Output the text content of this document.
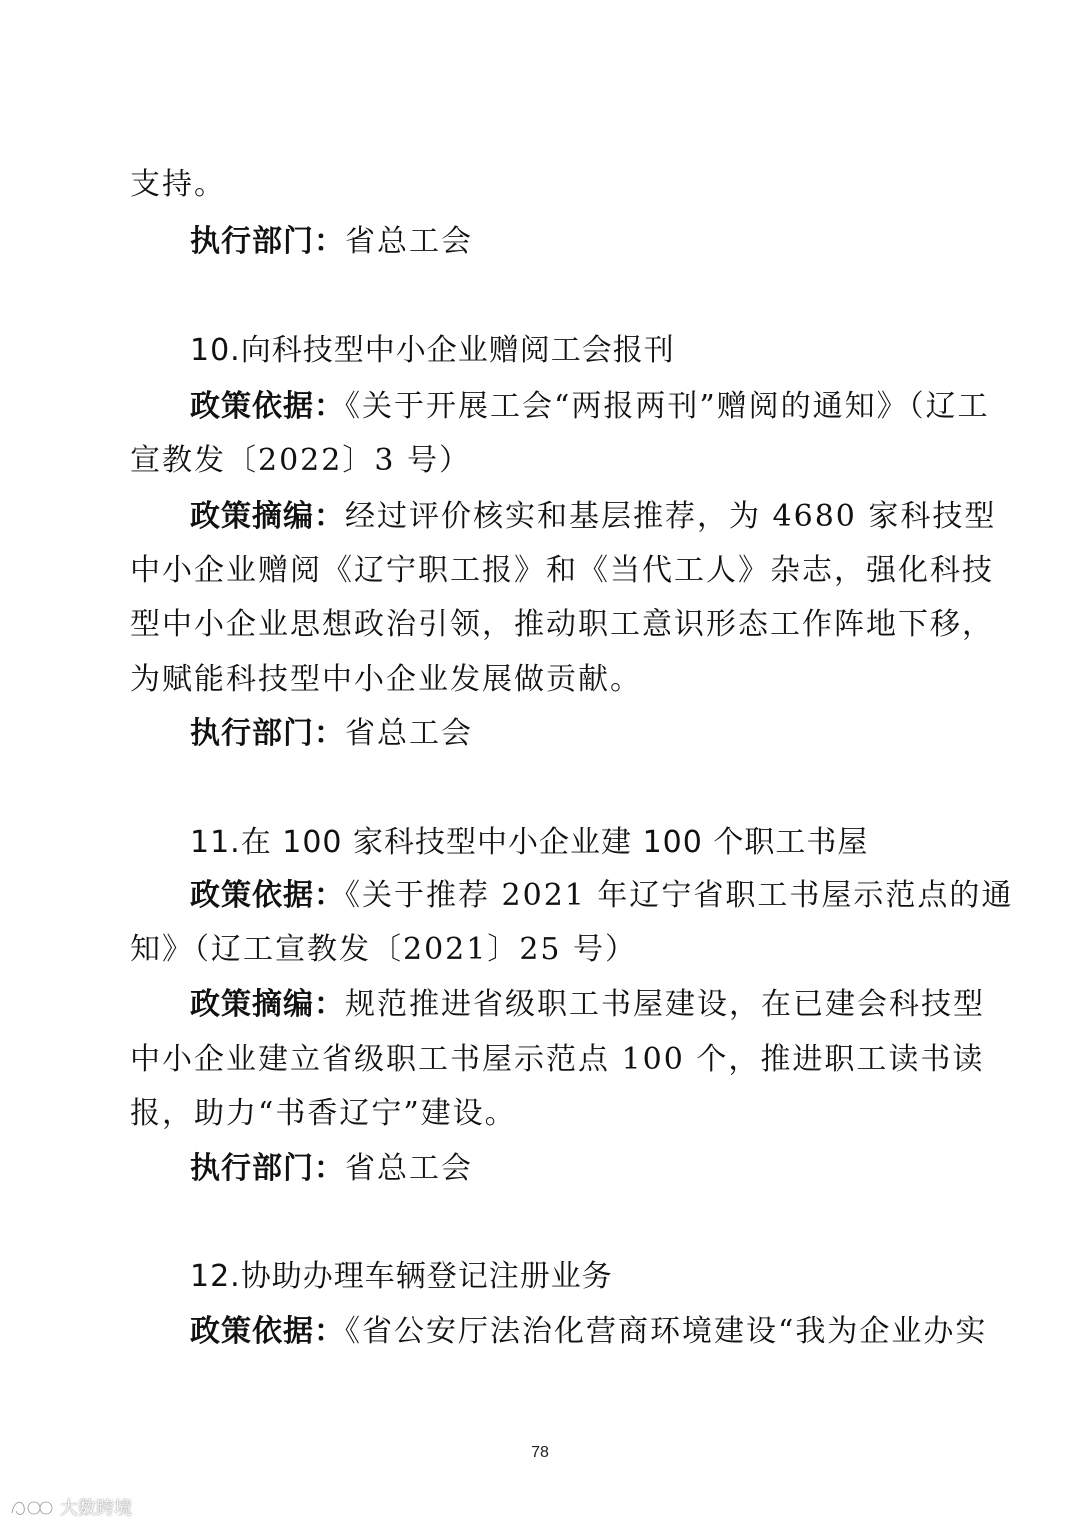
支持。
执行部门：省总工会
10.向科技型中小企业赠阅工会报刊
政策依据：《关于开展工会“两报两刊”赠阅的通知》（辽工
宣教发〔2022〕3 号）
政策摘编：经过评价核实和基层推荐，为 4680 家科技型
中小企业赠阅《辽宁职工报》和《当代工人》杂志，强化科技
型中小企业思想政治引领，推动职工意识形态工作阵地下移，
为赋能科技型中小企业发展做贡献。
执行部门：省总工会
11.在 100 家科技型中小企业建 100 个职工书屋
政策依据：《关于推荐 2021 年辽宁省职工书屋示范点的通
知》（辽工宣教发〔2021〕25 号）
政策摘编：规范推进省级职工书屋建设，在已建会科技型
中小企业建立省级职工书屋示范点 100 个，推进职工读书读
报，助力“书香辽宁”建设。
执行部门：省总工会
12.协助办理车辆登记注册业务
政策依据：《省公安厅法治化营商环境建设“我为企业办实
78
大数跨境
